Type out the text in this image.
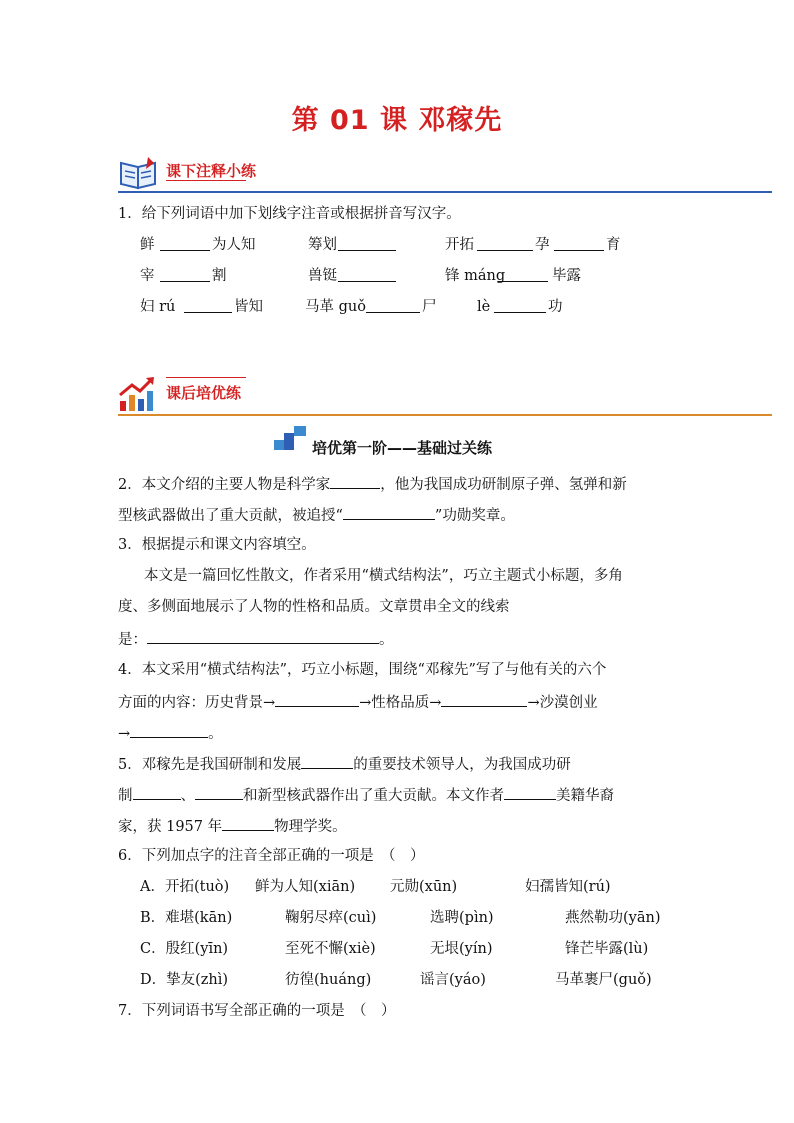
第 01 课 邓稼先
课下注释小练
1．给下列词语中加下划线字注音或根据拼音写汉字。
鲜	为人知	筹划	开拓	孕	育
宰	割	兽铤	锋 máng	毕露
妇 rú	皆知	马革 guǒ	尸	lè	功
课后培优练
培优第一阶——基础过关练
2．本文介绍的主要人物是科学家	，他为我国成功研制原子弹、氢弹和新
型核武器做出了重大贡献，被追授“	”功勋奖章。
3．根据提示和课文内容填空。
本文是一篇回忆性散文，作者采用“横式结构法”，巧立主题式小标题，多角
度、多侧面地展示了人物的性格和品质。文章贯串全文的线索
是：	。
4．本文采用“横式结构法”，巧立小标题，围绕“邓稼先”写了与他有关的六个
方面的内容：历史背景→	→性格品质→	→沙漠创业
→	。
5．邓稼先是我国研制和发展	的重要技术领导人，为我国成功研
制	、	和新型核武器作出了重大贡献。本文作者	美籍华裔
家，获 1957 年	物理学奖。
6．下列加点字的注音全部正确的一项是　（　）
A．开拓(tuò) 鲜为人知(xiān) 元勋(xūn)	妇孺皆知(rú)
B．难堪(kān)	鞠躬尽瘁(cuì)	选聘(pìn)	燕然勒功(yān)
C．殷红(yīn)	至死不懈(xiè)	无垠(yín)	锋芒毕露(lù)
D．挚友(zhì)	彷徨(huáng)	谣言(yáo)	马革裹尸(guǒ)
7．下列词语书写全部正确的一项是　（　）
